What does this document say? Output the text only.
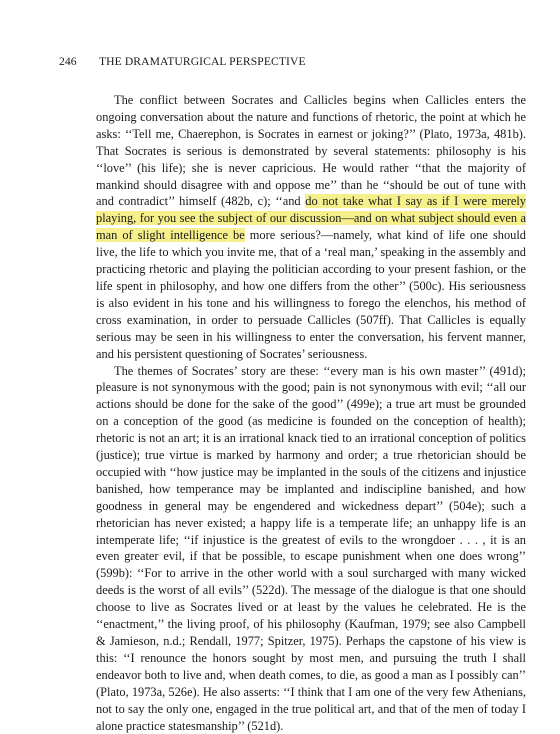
246 THE DRAMATURGICAL PERSPECTIVE

The conflict between Socrates and Callicles begins when Callicles enters the ongoing conversation about the nature and functions of rhetoric, the point at which he asks: ‘‘Tell me, Chaerephon, is Socrates in earnest or joking?’’ (Plato, 1973a, 481b). That Socrates is serious is demonstrated by several statements: philosophy is his ‘‘love’’ (his life); she is never capricious. He would rather ‘‘that the majority of mankind should disagree with and oppose me’’ than he ‘‘should be out of tune with and contradict’’ himself (482b, c); ‘‘and do not take what I say as if I were merely playing, for you see the subject of our discussion—and on what subject should even a man of slight intelligence be more serious?—namely, what kind of life one should live, the life to which you invite me, that of a ‘real man,’ speaking in the assembly and practicing rhetoric and playing the politician according to your present fashion, or the life spent in philosophy, and how one differs from the other’’ (500c). His seriousness is also evident in his tone and his willingness to forego the elenchos, his method of cross examination, in order to persuade Callicles (507ff). That Callicles is equally serious may be seen in his willingness to enter the conversation, his fervent manner, and his persistent questioning of Socrates’ seriousness.

The themes of Socrates’ story are these: ‘‘every man is his own master’’ (491d); pleasure is not synonymous with the good; pain is not synonymous with evil; ‘‘all our actions should be done for the sake of the good’’ (499e); a true art must be grounded on a conception of the good (as medicine is founded on the conception of health); rhetoric is not an art; it is an irrational knack tied to an irrational conception of politics (justice); true virtue is marked by harmony and order; a true rhetorician should be occupied with ‘‘how justice may be implanted in the souls of the citizens and injustice banished, how temperance may be implanted and indiscipline banished, and how goodness in general may be engendered and wickedness depart’’ (504e); such a rhetorician has never existed; a happy life is a temperate life; an unhappy life is an intemperate life; ‘‘if injustice is the greatest of evils to the wrongdoer . . . , it is an even greater evil, if that be possible, to escape punishment when one does wrong’’ (599b): ‘‘For to arrive in the other world with a soul surcharged with many wicked deeds is the worst of all evils’’ (522d). The message of the dialogue is that one should choose to live as Socrates lived or at least by the values he celebrated. He is the ‘‘enactment,’’ the living proof, of his philosophy (Kaufman, 1979; see also Campbell & Jamieson, n.d.; Rendall, 1977; Spitzer, 1975). Perhaps the capstone of his view is this: ‘‘I renounce the honors sought by most men, and pursuing the truth I shall endeavor both to live and, when death comes, to die, as good a man as I possibly can’’ (Plato, 1973a, 526e). He also asserts: ‘‘I think that I am one of the very few Athenians, not to say the only one, engaged in the true political art, and that of the men of today I alone practice statesmanship’’ (521d).
